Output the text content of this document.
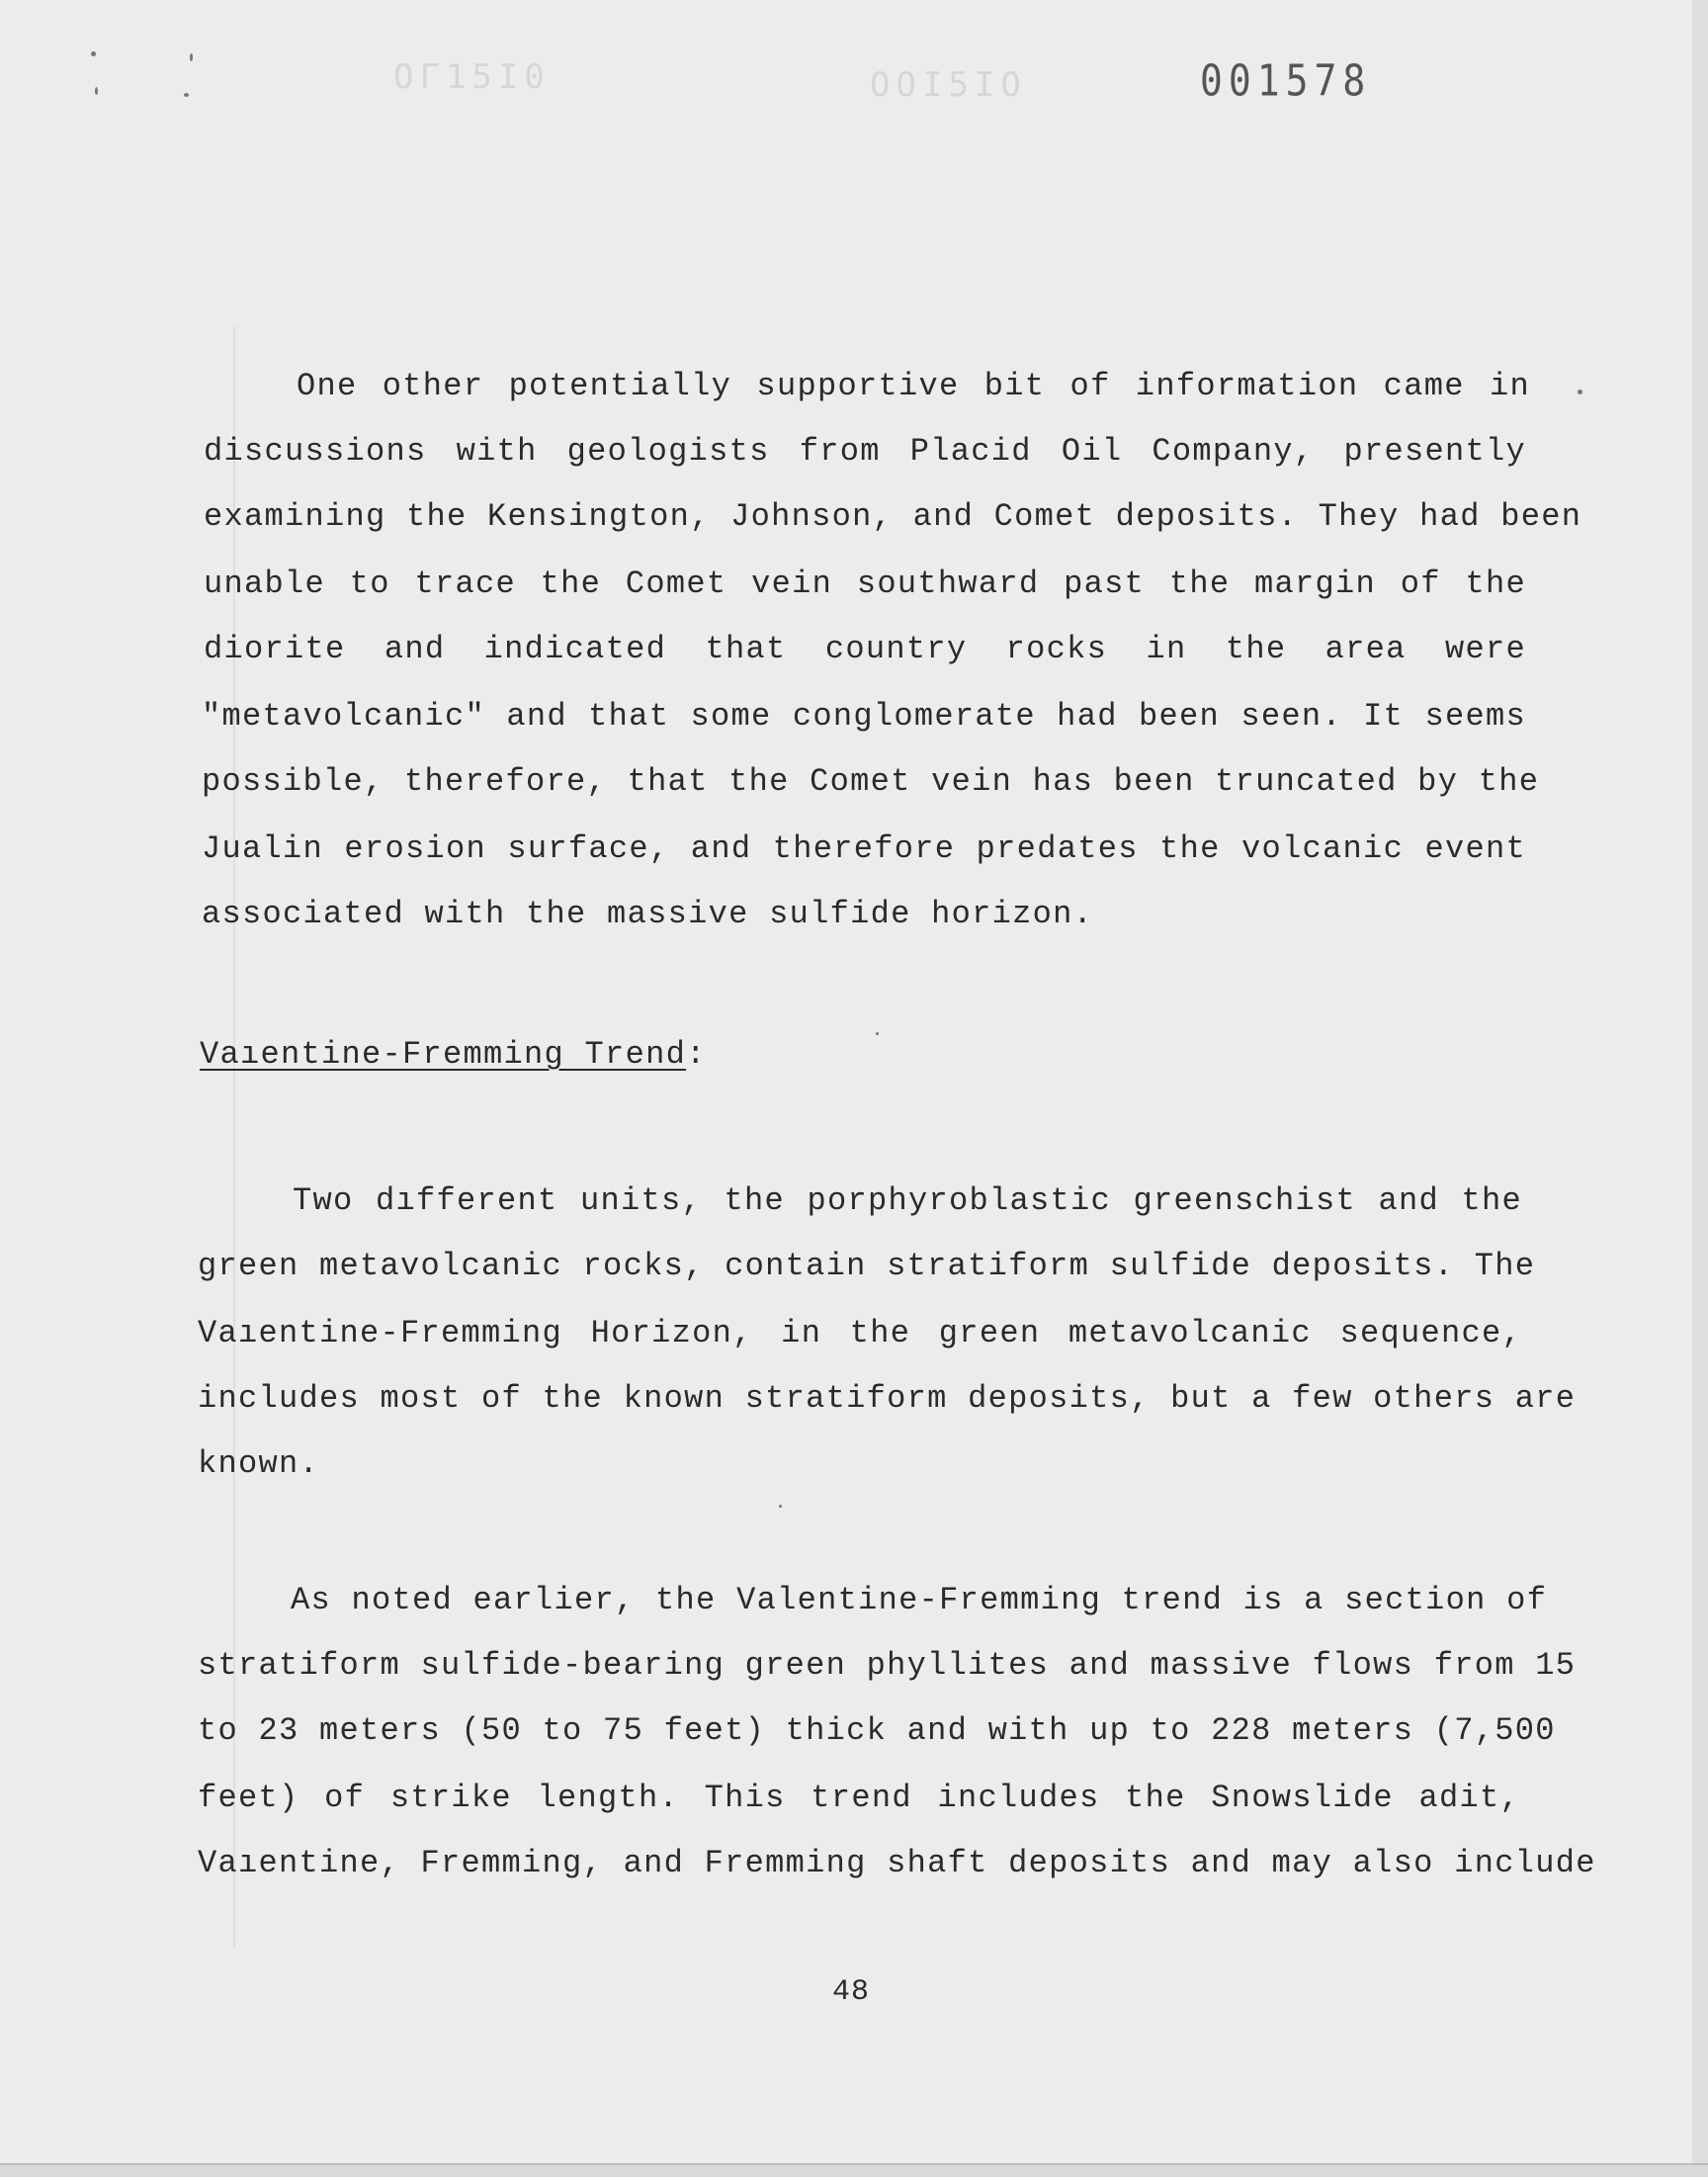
OΓ15Ι0	ΟΟΙ5ΙΟ	001578
One other potentially supportive bit of information came in
discussions with geologists from Placid Oil Company, presently
examining the Kensington, Johnson, and Comet deposits. They had been
unable to trace the Comet vein southward past the margin of the
diorite and indicated that country rocks in the area were
"metavolcanic" and that some conglomerate had been seen. It seems
possible, therefore, that the Comet vein has been truncated by the
Jualin erosion surface, and therefore predates the volcanic event
associated with the massive sulfide horizon.
Vaıentine-Fremming Trend:
Two dıfferent units, the porphyroblastic greenschist and the
green metavolcanic rocks, contain stratiform sulfide deposits. The
Vaıentine-Fremming Horizon, in the green metavolcanic sequence,
includes most of the known stratiform deposits, but a few others are
known.
As noted earlier, the Valentine-Fremming trend is a section of
stratiform sulfide-bearing green phyllites and massive flows from 15
to 23 meters (50 to 75 feet) thick and with up to 228 meters (7,500
feet) of strike length. This trend includes the Snowslide adit,
Vaıentine, Fremming, and Fremming shaft deposits and may also include
48
